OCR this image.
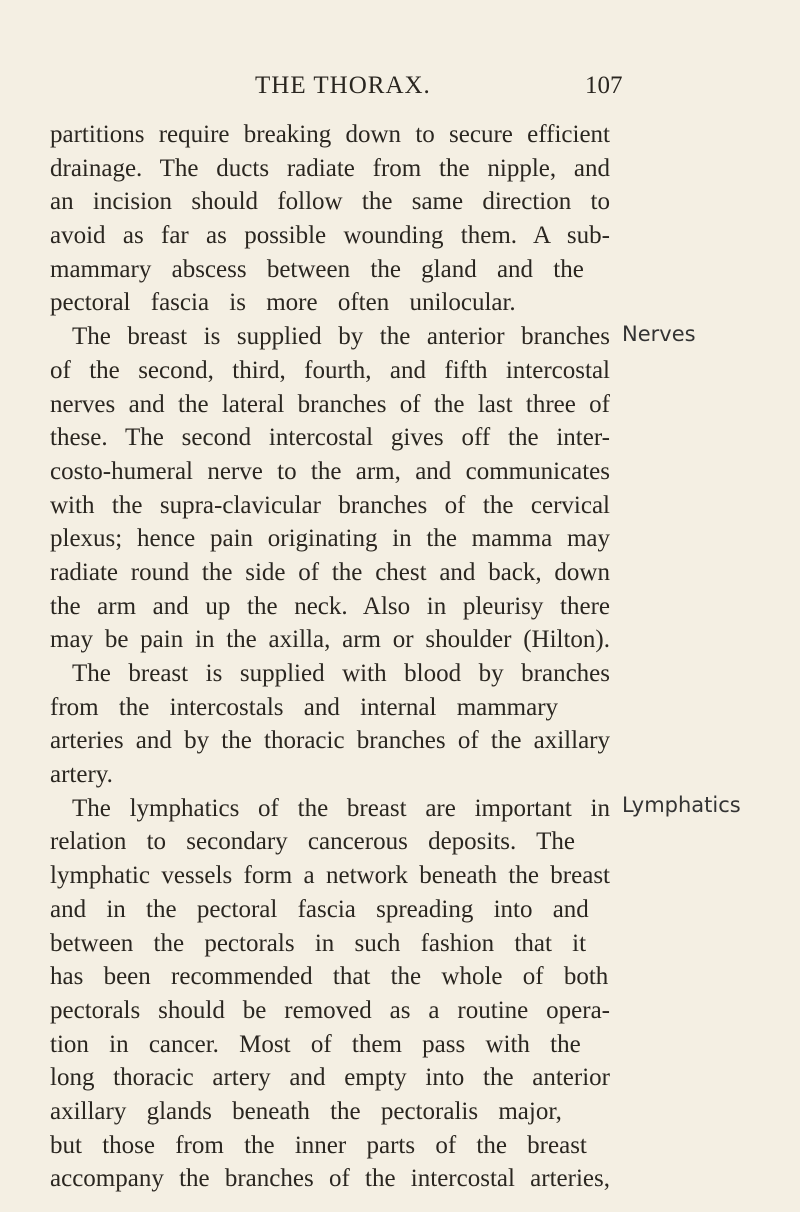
THE THORAX.	107
partitions require breaking down to secure efficient
drainage. The ducts radiate from the nipple, and
an incision should follow the same direction to
avoid as far as possible wounding them. A sub-
mammary abscess between the gland and the
pectoral fascia is more often unilocular.
The breast is supplied by the anterior branches
of the second, third, fourth, and fifth intercostal
nerves and the lateral branches of the last three of
these. The second intercostal gives off the inter-
costo-humeral nerve to the arm, and communicates
with the supra-clavicular branches of the cervical
plexus; hence pain originating in the mamma may
radiate round the side of the chest and back, down
the arm and up the neck. Also in pleurisy there
may be pain in the axilla, arm or shoulder (Hilton).
The breast is supplied with blood by branches
from the intercostals and internal mammary
arteries and by the thoracic branches of the axillary
artery.
The lymphatics of the breast are important in
relation to secondary cancerous deposits. The
lymphatic vessels form a network beneath the breast
and in the pectoral fascia spreading into and
between the pectorals in such fashion that it
has been recommended that the whole of both
pectorals should be removed as a routine opera-
tion in cancer. Most of them pass with the
long thoracic artery and empty into the anterior
axillary glands beneath the pectoralis major,
but those from the inner parts of the breast
accompany the branches of the intercostal arteries,
Nerves
Lymphatics
